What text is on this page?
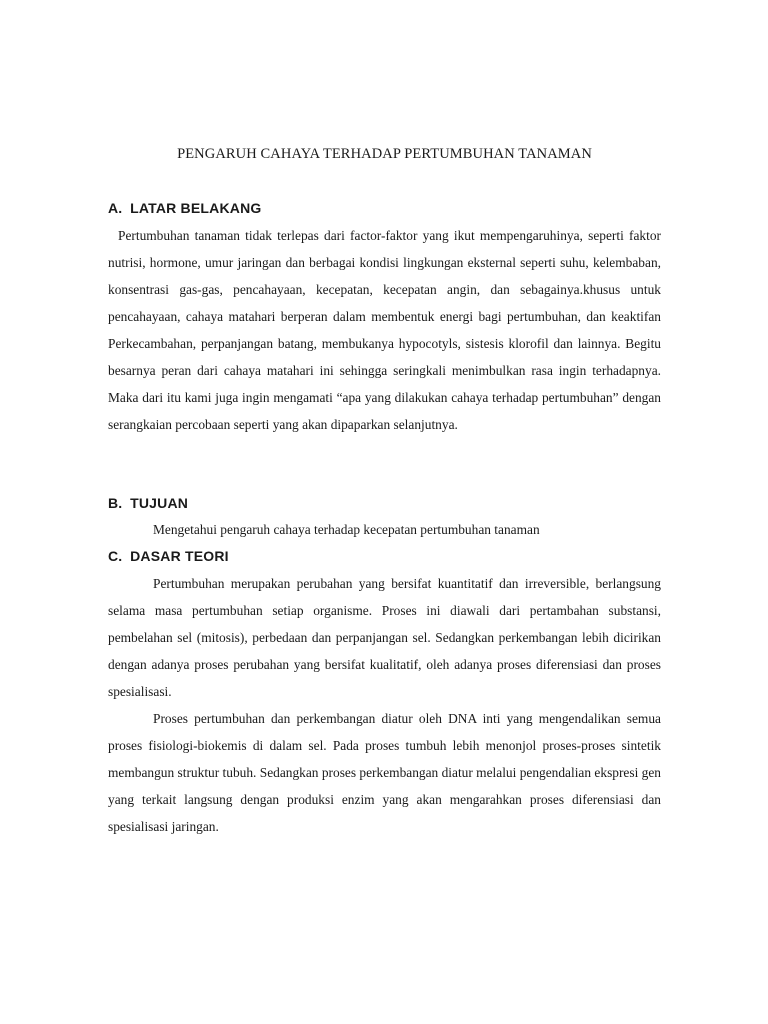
PENGARUH CAHAYA TERHADAP PERTUMBUHAN TANAMAN
A. LATAR BELAKANG

Pertumbuhan tanaman tidak terlepas dari factor-faktor yang ikut mempengaruhinya, seperti faktor nutrisi, hormone, umur jaringan dan berbagai kondisi lingkungan eksternal seperti suhu, kelembaban, konsentrasi gas-gas, pencahayaan, kecepatan, kecepatan angin, dan sebagainya.khusus untuk pencahayaan, cahaya matahari berperan dalam membentuk energi bagi pertumbuhan, dan keaktifan Perkecambahan, perpanjangan batang, membukanya hypocotyls, sistesis klorofil dan lainnya. Begitu besarnya peran dari cahaya matahari ini sehingga seringkali menimbulkan rasa ingin terhadapnya. Maka dari itu kami juga ingin mengamati “apa yang dilakukan cahaya terhadap pertumbuhan” dengan serangkaian percobaan seperti yang akan dipaparkan selanjutnya.

B. TUJUAN

Mengetahui pengaruh cahaya terhadap kecepatan pertumbuhan tanaman

C. DASAR TEORI

Pertumbuhan merupakan perubahan yang bersifat kuantitatif dan irreversible, berlangsung selama masa pertumbuhan setiap organisme. Proses ini diawali dari pertambahan substansi, pembelahan sel (mitosis), perbedaan dan perpanjangan sel. Sedangkan perkembangan lebih dicirikan dengan adanya proses perubahan yang bersifat kualitatif, oleh adanya proses diferensiasi dan proses spesialisasi.

Proses pertumbuhan dan perkembangan diatur oleh DNA inti yang mengendalikan semua proses fisiologi-biokemis di dalam sel. Pada proses tumbuh lebih menonjol proses-proses sintetik membangun struktur tubuh. Sedangkan proses perkembangan diatur melalui pengendalian ekspresi gen yang terkait langsung dengan produksi enzim yang akan mengarahkan proses diferensiasi dan spesialisasi jaringan.
